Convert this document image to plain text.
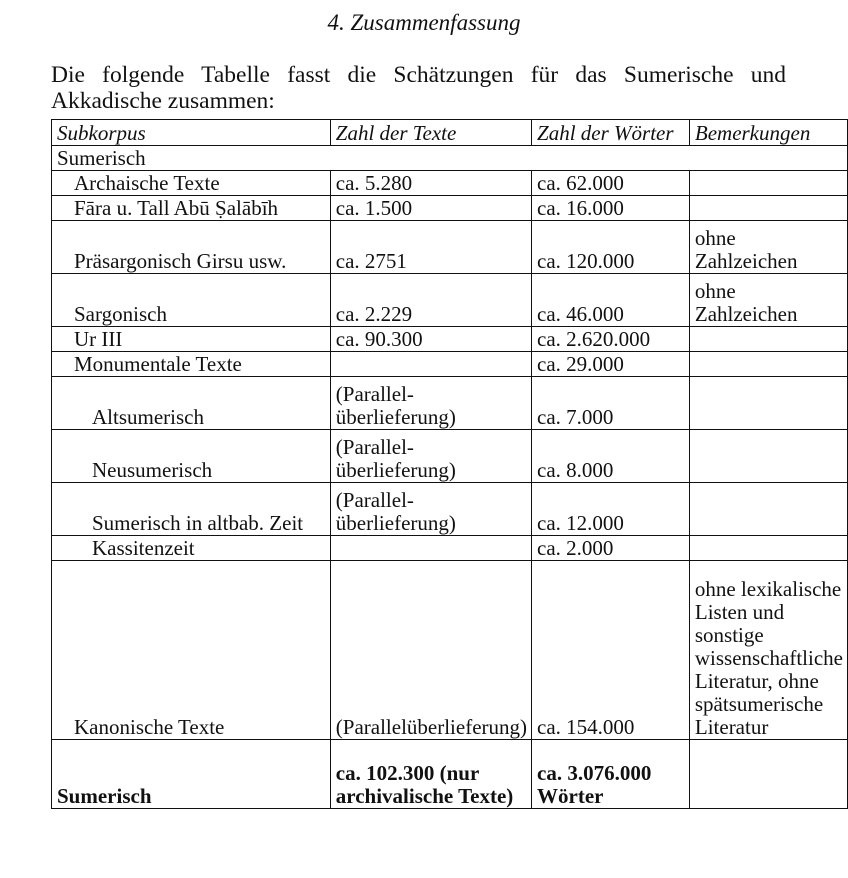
4. Zusammenfassung
Die folgende Tabelle fasst die Schätzungen für das Sumerische und Akkadische zusammen:
Subkorpus	Zahl der Texte	Zahl der Wörter	Bemerkungen
Sumerisch			
Archaische Texte	ca. 5.280	ca. 62.000	
Fāra u. Tall Abū Ṣalābīh	ca. 1.500	ca. 16.000	
Präsargonisch Girsu usw.	ca. 2751	ca. 120.000	ohne Zahlzeichen
Sargonisch	ca. 2.229	ca. 46.000	ohne Zahlzeichen
Ur III	ca. 90.300	ca. 2.620.000	
Monumentale Texte		ca. 29.000	
Altsumerisch	(Parallel-überlieferung)	ca. 7.000	
Neusumerisch	(Parallel-überlieferung)	ca. 8.000	
Sumerisch in altbab. Zeit	(Parallel-überlieferung)	ca. 12.000	
Kassitenzeit		ca. 2.000	
Kanonische Texte	(Parallelüberlieferung)	ca. 154.000	ohne lexikalische Listen und sonstige wissenschaftliche Literatur, ohne spätsumerische Literatur
Sumerisch	ca. 102.300 (nur archivalische Texte)	ca. 3.076.000 Wörter	
